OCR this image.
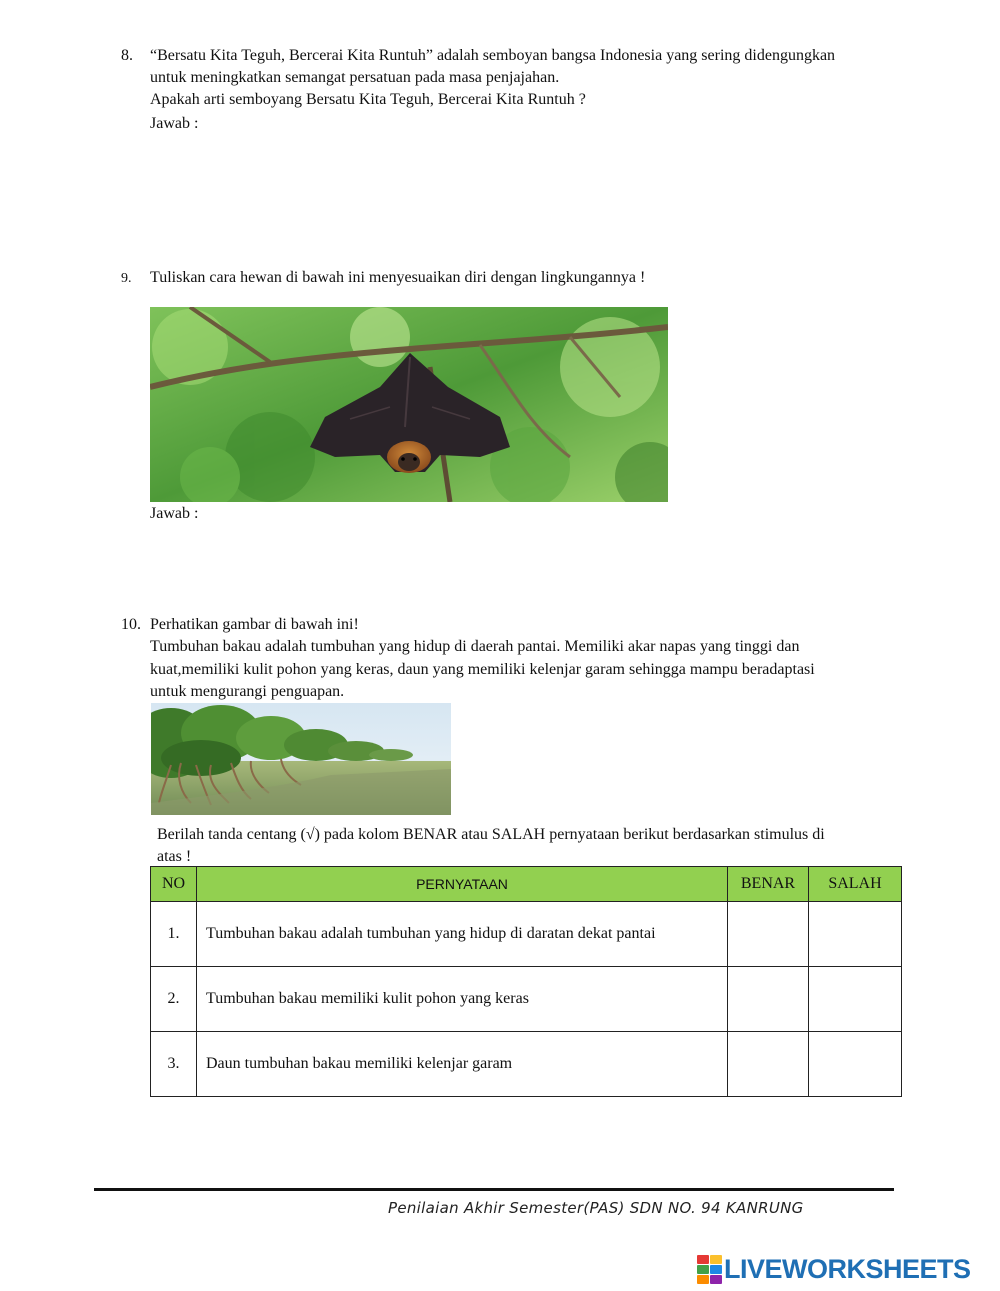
8. “Bersatu Kita Teguh, Bercerai Kita Runtuh” adalah semboyan bangsa Indonesia yang sering didengungkan
untuk meningkatkan semangat persatuan pada masa penjajahan.
Apakah arti semboyang Bersatu Kita Teguh, Bercerai Kita Runtuh ?
Jawab :
9. Tuliskan cara hewan di bawah ini menyesuaikan diri dengan lingkungannya !
Jawab :
10. Perhatikan gambar di bawah ini!
Tumbuhan bakau adalah tumbuhan yang hidup di daerah pantai. Memiliki akar napas yang tinggi dan
kuat,memiliki kulit pohon yang keras, daun yang memiliki kelenjar garam sehingga mampu beradaptasi
untuk mengurangi penguapan.
Berilah tanda centang (√) pada kolom BENAR atau SALAH pernyataan berikut berdasarkan stimulus di
atas !
NO	PERNYATAAN	BENAR	SALAH
1.	Tumbuhan bakau adalah tumbuhan yang hidup di daratan dekat pantai		
2.	Tumbuhan bakau memiliki kulit pohon yang keras		
3.	Daun tumbuhan bakau memiliki kelenjar garam		
Penilaian Akhir Semester(PAS) SDN NO. 94 KANRUNG
LIVEWORKSHEETS
